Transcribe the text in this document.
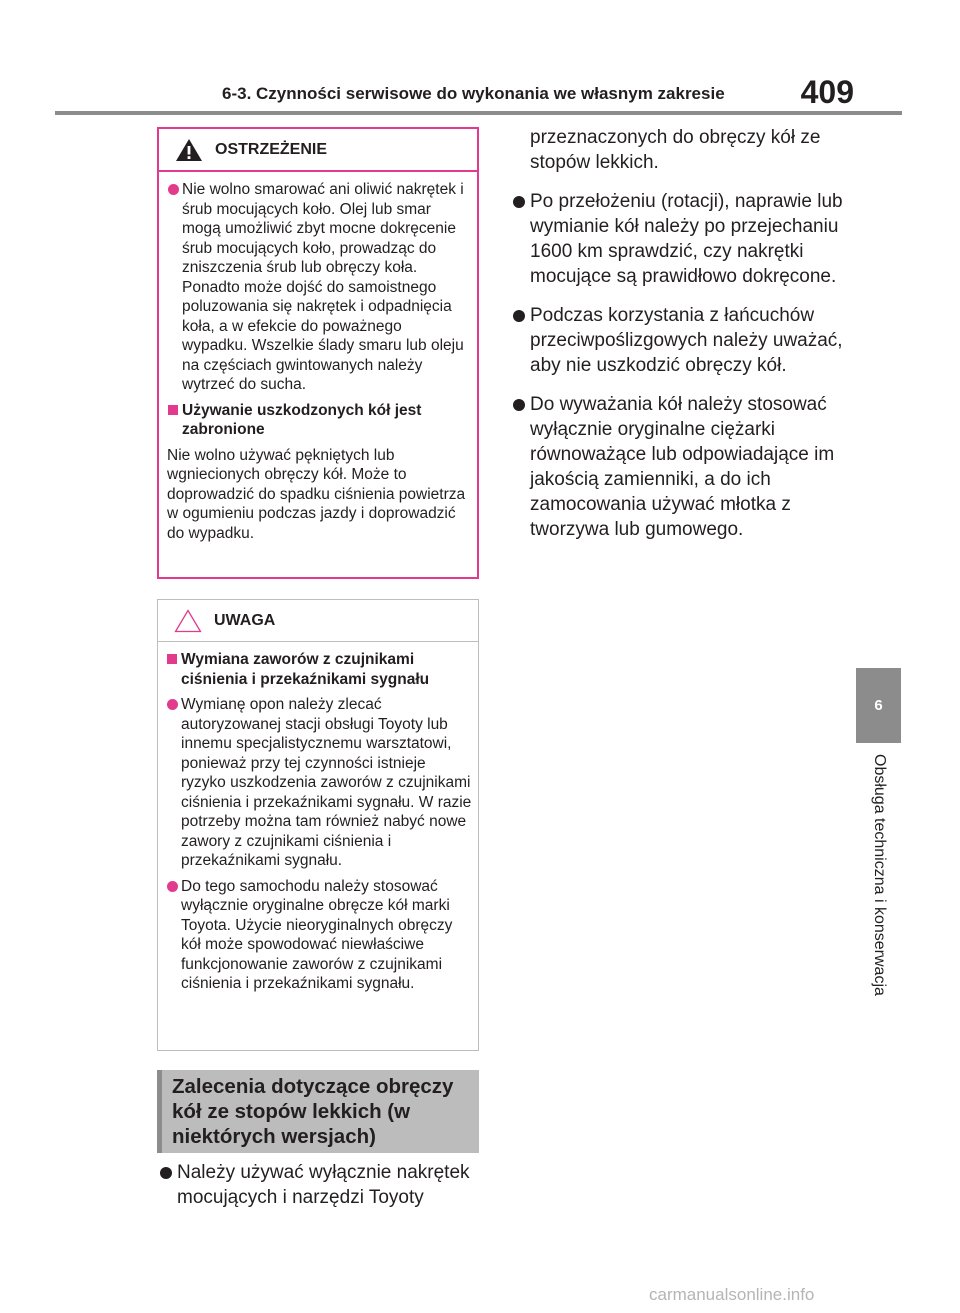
6-3. Czynności serwisowe do wykonania we własnym zakresie 409
6
Obsługa techniczna i konserwacja
OSTRZEŻENIE
Nie wolno smarować ani oliwić nakrętek i śrub mocujących koło. Olej lub smar mogą umożliwić zbyt mocne dokręcenie śrub mocujących koło, prowadząc do zniszczenia śrub lub obręczy koła. Ponadto może dojść do samoistnego poluzowania się nakrętek i odpadnięcia koła, a w efekcie do poważnego wypadku. Wszelkie ślady smaru lub oleju na częściach gwintowanych należy wytrzeć do sucha.
Używanie uszkodzonych kół jest zabronione
Nie wolno używać pękniętych lub wgniecionych obręczy kół. Może to doprowadzić do spadku ciśnienia powietrza w ogumieniu podczas jazdy i doprowadzić do wypadku.
UWAGA
Wymiana zaworów z czujnikami ciśnienia i przekaźnikami sygnału
Wymianę opon należy zlecać autoryzowanej stacji obsługi Toyoty lub innemu specjalistycznemu warsztatowi, ponieważ przy tej czynności istnieje ryzyko uszkodzenia zaworów z czujnikami ciśnienia i przekaźnikami sygnału. W razie potrzeby można tam również nabyć nowe zawory z czujnikami ciśnienia i przekaźnikami sygnału.
Do tego samochodu należy stosować wyłącznie oryginalne obręcze kół marki Toyota. Użycie nieoryginalnych obręczy kół może spowodować niewłaściwe funkcjonowanie zaworów z czujnikami ciśnienia i przekaźnikami sygnału.
Zalecenia dotyczące obręczy kół ze stopów lekkich (w niektórych wersjach)
Należy używać wyłącznie nakrętek mocujących i narzędzi Toyoty
przeznaczonych do obręczy kół ze stopów lekkich.
Po przełożeniu (rotacji), naprawie lub wymianie kół należy po przejechaniu 1600 km sprawdzić, czy nakrętki mocujące są prawidłowo dokręcone.
Podczas korzystania z łańcuchów przeciwpoślizgowych należy uważać, aby nie uszkodzić obręczy kół.
Do wyważania kół należy stosować wyłącznie oryginalne ciężarki równoważące lub odpowiadające im jakością zamienniki, a do ich zamocowania używać młotka z tworzywa lub gumowego.
carmanualsonline.info
